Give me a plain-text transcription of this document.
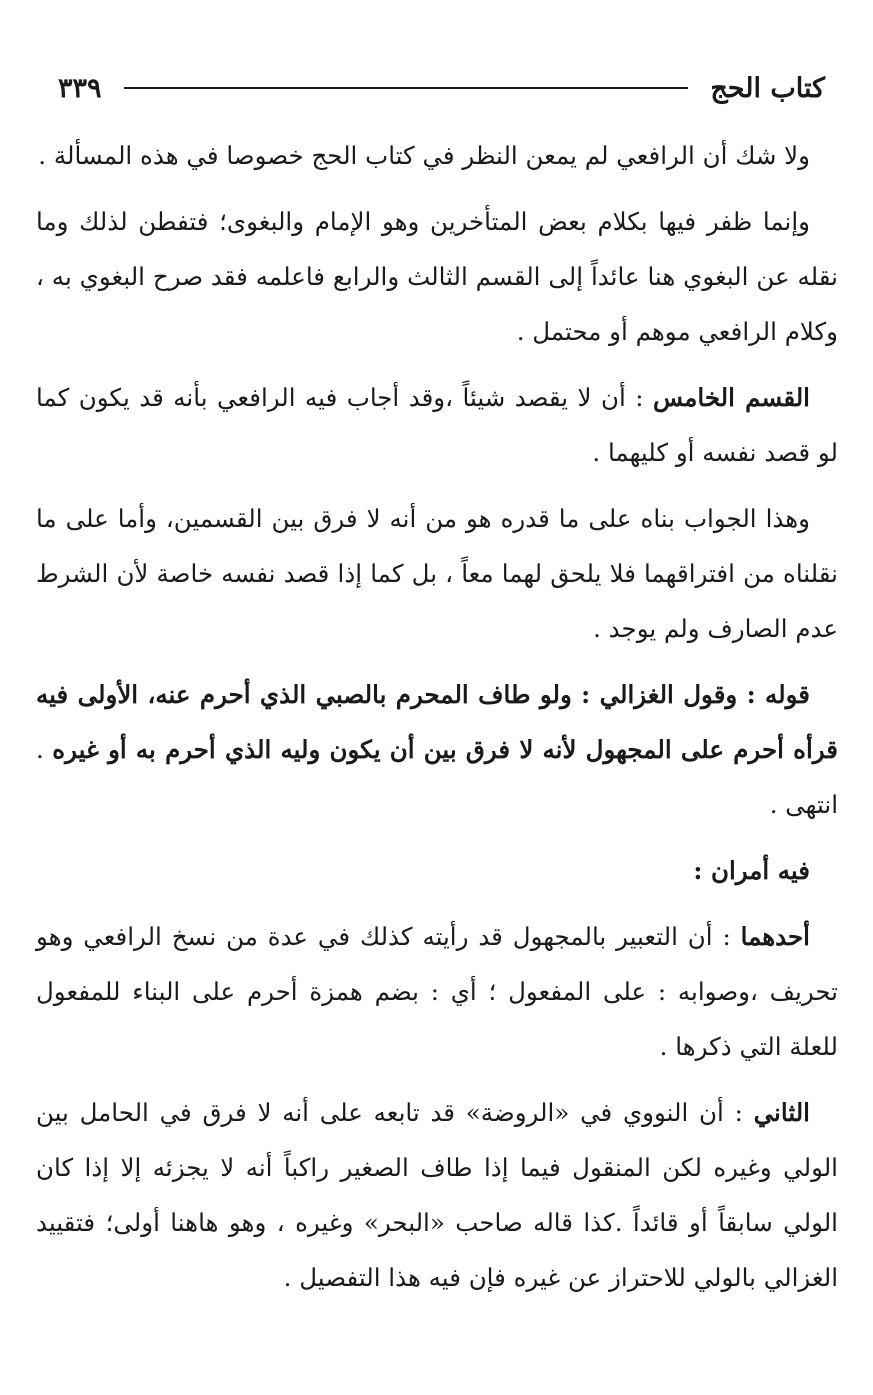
كتاب الحج
٣٣٩

ولا شك أن الرافعي لم يمعن النظر في كتاب الحج خصوصا في هذه المسألة .

وإنما ظفر فيها بكلام بعض المتأخرين وهو الإمام والبغوى؛ فتفطن لذلك وما نقله عن البغوي هنا عائداً إلى القسم الثالث والرابع فاعلمه فقد صرح البغوي به ، وكلام الرافعي موهم أو محتمل .

القسم الخامس : أن لا يقصد شيئاً ،وقد أجاب فيه الرافعي بأنه قد يكون كما لو قصد نفسه أو كليهما .

وهذا الجواب بناه على ما قدره هو من أنه لا فرق بين القسمين، وأما على ما نقلناه من افتراقهما فلا يلحق لهما معاً ، بل كما إذا قصد نفسه خاصة لأن الشرط عدم الصارف ولم يوجد .

قوله : وقول الغزالي : ولو طاف المحرم بالصبي الذي أحرم عنه، الأولى فيه قرأه أحرم على المجهول لأنه لا فرق بين أن يكون وليه الذي أحرم به أو غيره . انتهى .

فيه أمران :

أحدهما : أن التعبير بالمجهول قد رأيته كذلك في عدة من نسخ الرافعي وهو تحريف ،وصوابه : على المفعول ؛ أي : بضم همزة أحرم على البناء للمفعول للعلة التي ذكرها .

الثاني : أن النووي في «الروضة» قد تابعه على أنه لا فرق في الحامل بين الولي وغيره لكن المنقول فيما إذا طاف الصغير راكباً أنه لا يجزئه إلا إذا كان الولي سابقاً أو قائداً .كذا قاله صاحب «البحر» وغيره ، وهو هاهنا أولى؛ فتقييد الغزالي بالولي للاحتراز عن غيره فإن فيه هذا التفصيل .
